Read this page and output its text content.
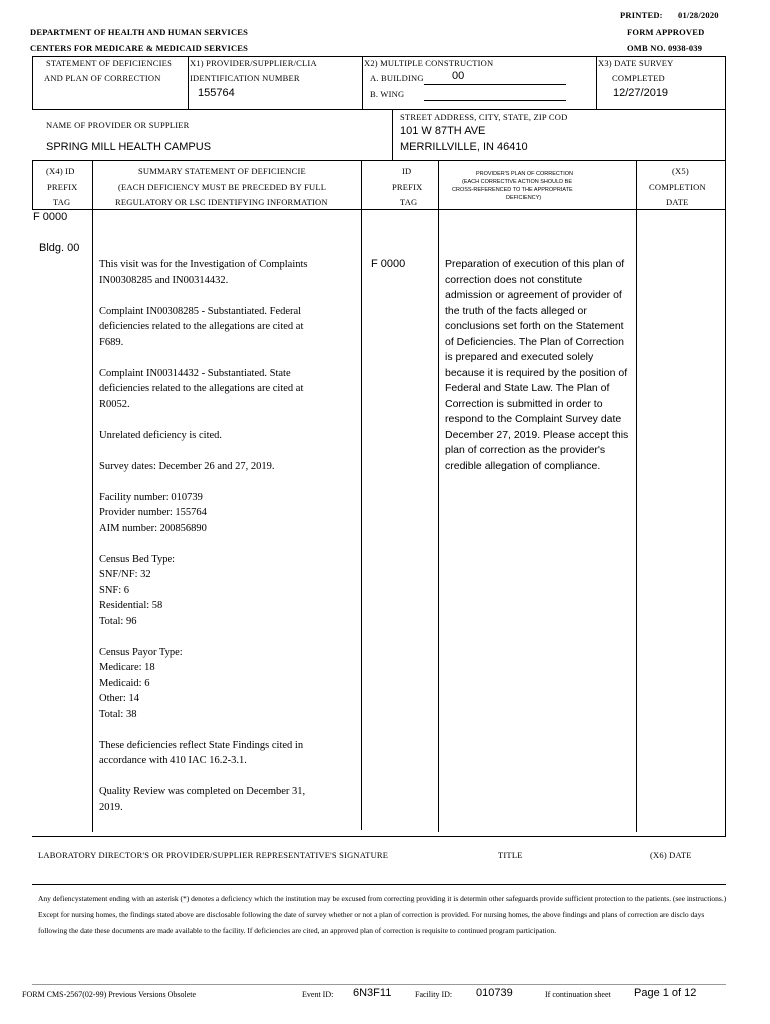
PRINTED: 01/28/2020
DEPARTMENT OF HEALTH AND HUMAN SERVICES	FORM APPROVED
CENTERS FOR MEDICARE & MEDICAID SERVICES	OMB NO. 0938-039
STATEMENT OF DEFICIENCIES
AND PLAN OF CORRECTION
X1) PROVIDER/SUPPLIER/CLIA
IDENTIFICATION NUMBER
155764
X2) MULTIPLE CONSTRUCTION
A. BUILDING	00
B. WING
X3) DATE SURVEY
COMPLETED
12/27/2019
NAME OF PROVIDER OR SUPPLIER
SPRING MILL HEALTH CAMPUS
STREET ADDRESS, CITY, STATE, ZIP COD
101 W 87TH AVE
MERRILLVILLE, IN 46410
(X4) ID
PREFIX
TAG
SUMMARY STATEMENT OF DEFICIENCIE
(EACH DEFICIENCY MUST BE PRECEDED BY FULL
REGULATORY OR LSC IDENTIFYING INFORMATION
ID
PREFIX
TAG
PROVIDER'S PLAN OF CORRECTION
(EACH CORRECTIVE ACTION SHOULD BE
CROSS-REFERENCED TO THE APPROPRIATE
DEFICIENCY)
(X5)
COMPLETION
DATE
F 0000
Bldg. 00
F 0000

This visit was for the Investigation of Complaints IN00308285 and IN00314432.

Complaint IN00308285 - Substantiated. Federal deficiencies related to the allegations are cited at F689.

Complaint IN00314432 - Substantiated. State deficiencies related to the allegations are cited at R0052.

Unrelated deficiency is cited.

Survey dates: December 26 and 27, 2019.

Facility number: 010739
Provider number: 155764
AIM number: 200856890

Census Bed Type:
SNF/NF: 32
SNF: 6
Residential: 58
Total: 96

Census Payor Type:
Medicare: 18
Medicaid: 6
Other: 14
Total: 38

These deficiencies reflect State Findings cited in accordance with 410 IAC 16.2-3.1.

Quality Review was completed on December 31, 2019.

Preparation of execution of this plan of correction does not constitute admission or agreement of provider of the truth of the facts alleged or conclusions set forth on the Statement of Deficiencies. The Plan of Correction is prepared and executed solely because it is required by the position of Federal and State Law. The Plan of Correction is submitted in order to respond to the Complaint Survey date December 27, 2019. Please accept this plan of correction as the provider's credible allegation of compliance.
LABORATORY DIRECTOR'S OR PROVIDER/SUPPLIER REPRESENTATIVE'S SIGNATURE	TITLE	(X6) DATE
Any defiencystatement ending with an asterisk (*) denotes a deficiency which the institution may be excused from correcting providing it is determin other safeguards provide sufficient protection to the patients. (see instructions.) Except for nursing homes, the findings stated above are disclosable following the date of survey whether or not a plan of correction is provided. For nursing homes, the above findings and plans of correction are disclo days following the date these documents are made available to the facility. If deficiencies are cited, an approved plan of correction is requisite to continued program participation.
FORM CMS-2567(02-99) Previous Versions Obsolete	Event ID: 6N3F11	Facility ID: 010739	If continuation sheet Page 1 of 12
